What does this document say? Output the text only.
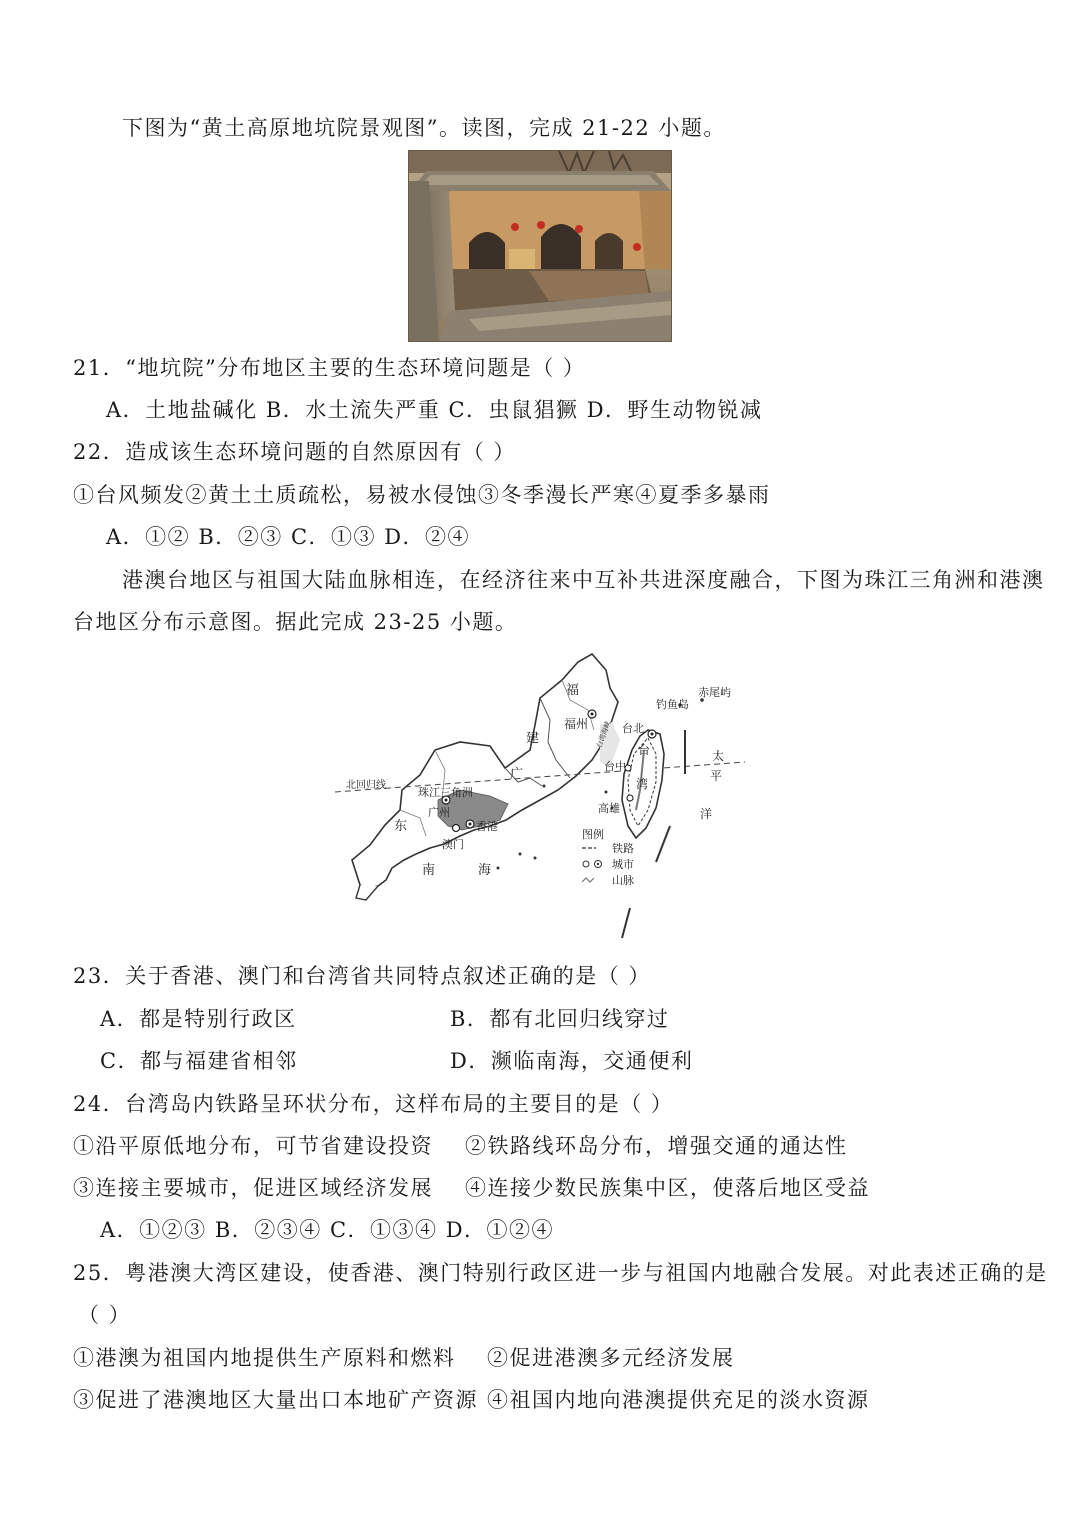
下图为“黄土高原地坑院景观图”。读图，完成 21-22 小题。
21．“地坑院”分布地区主要的生态环境问题是（ ）
A．土地盐碱化 B．水土流失严重 C．虫鼠猖獗 D．野生动物锐减
22．造成该生态环境问题的自然原因有（ ）
①台风频发②黄土土质疏松，易被水侵蚀③冬季漫长严寒④夏季多暴雨
A．①② B．②③ C．①③ D．②④
港澳台地区与祖国大陆血脉相连，在经济往来中互补共进深度融合，下图为珠江三角洲和港澳
台地区分布示意图。据此完成 23-25 小题。
福
福州
建
广
北回归线
珠江三角洲
广州
东	香港
澳门
南	海
钓鱼岛
赤尾屿
台北
台
台中
湾
高雄
台湾海峡
太
平
洋
图例
铁路
城市
山脉
23．关于香港、澳门和台湾省共同特点叙述正确的是（ ）
A．都是特别行政区	B．都有北回归线穿过
C．都与福建省相邻	D．濒临南海，交通便利
24．台湾岛内铁路呈环状分布，这样布局的主要目的是（ ）
①沿平原低地分布，可节省建设投资 ②铁路线环岛分布，增强交通的通达性
③连接主要城市，促进区域经济发展 ④连接少数民族集中区，使落后地区受益
A．①②③ B．②③④ C．①③④ D．①②④
25．粤港澳大湾区建设，使香港、澳门特别行政区进一步与祖国内地融合发展。对此表述正确的是
（ ）
①港澳为祖国内地提供生产原料和燃料 ②促进港澳多元经济发展
③促进了港澳地区大量出口本地矿产资源 ④祖国内地向港澳提供充足的淡水资源
